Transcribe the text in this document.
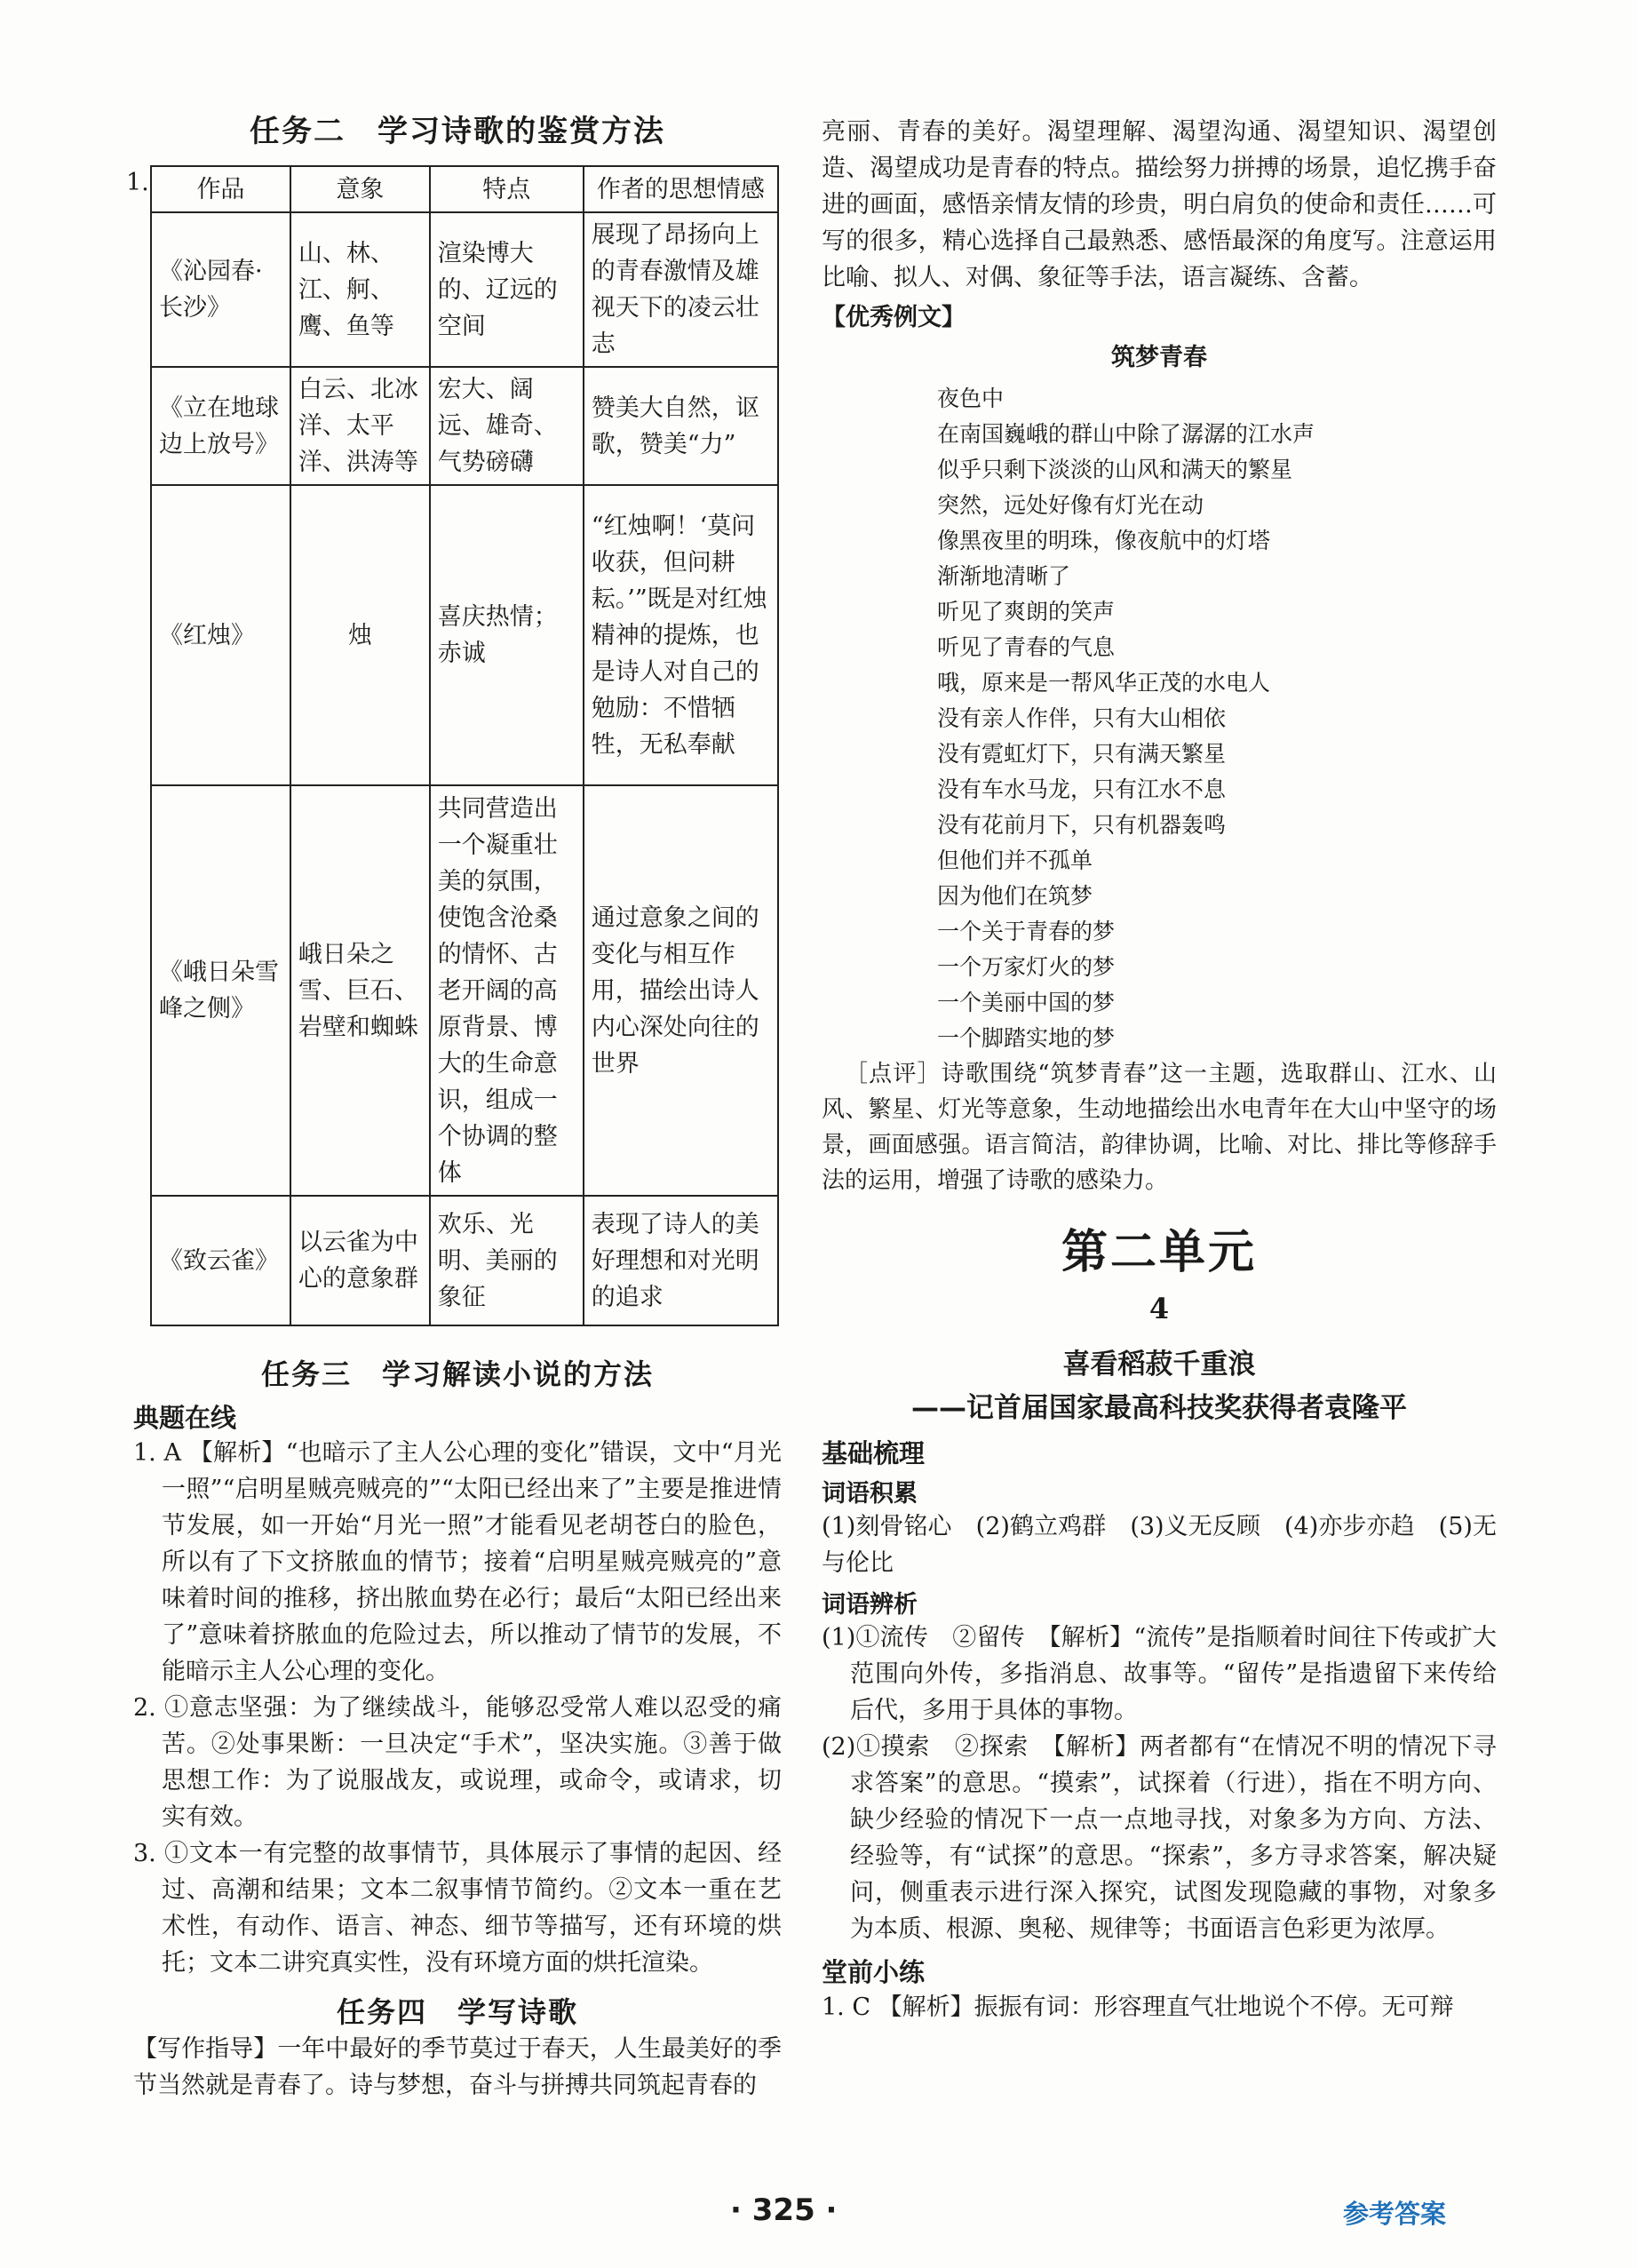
任务二　学习诗歌的鉴赏方法

1. 作品	意象	特点	作者的思想情感
《沁园春·长沙》	山、林、江、舸、鹰、鱼等	渲染博大的、辽远的空间	展现了昂扬向上的青春激情及雄视天下的凌云壮志
《立在地球边上放号》	白云、北冰洋、太平洋、洪涛等	宏大、阔远、雄奇、气势磅礴	赞美大自然，讴歌，赞美“力”
《红烛》	烛	喜庆热情；赤诚	“红烛啊！‘莫问收获，但问耕耘。’”既是对红烛精神的提炼，也是诗人对自己的勉励：不惜牺牲，无私奉献
《峨日朵雪峰之侧》	峨日朵之雪、巨石、岩壁和蜘蛛	共同营造出一个凝重壮美的氛围，使饱含沧桑的情怀、古老开阔的高原背景、博大的生命意识，组成一个协调的整体	通过意象之间的变化与相互作用，描绘出诗人内心深处向往的世界
《致云雀》	以云雀为中心的意象群	欢乐、光明、美丽的象征	表现了诗人的美好理想和对光明的追求

任务三　学习解读小说的方法

典题在线

1. A 【解析】“也暗示了主人公心理的变化”错误，文中“月光一照”“启明星贼亮贼亮的”“太阳已经出来了”主要是推进情节发展，如一开始“月光一照”才能看见老胡苍白的脸色，所以有了下文挤脓血的情节；接着“启明星贼亮贼亮的”意味着时间的推移，挤出脓血势在必行；最后“太阳已经出来了”意味着挤脓血的危险过去，所以推动了情节的发展，不能暗示主人公心理的变化。

2. ①意志坚强：为了继续战斗，能够忍受常人难以忍受的痛苦。②处事果断：一旦决定“手术”，坚决实施。③善于做思想工作：为了说服战友，或说理，或命令，或请求，切实有效。

3. ①文本一有完整的故事情节，具体展示了事情的起因、经过、高潮和结果；文本二叙事情节简约。②文本一重在艺术性，有动作、语言、神态、细节等描写，还有环境的烘托；文本二讲究真实性，没有环境方面的烘托渲染。

任务四　学写诗歌

【写作指导】一年中最好的季节莫过于春天，人生最美好的季节当然就是青春了。诗与梦想，奋斗与拼搏共同筑起青春的

亮丽、青春的美好。渴望理解、渴望沟通、渴望知识、渴望创造、渴望成功是青春的特点。描绘努力拼搏的场景，追忆携手奋进的画面，感悟亲情友情的珍贵，明白肩负的使命和责任……可写的很多，精心选择自己最熟悉、感悟最深的角度写。注意运用比喻、拟人、对偶、象征等手法，语言凝练、含蓄。

【优秀例文】

筑梦青春

夜色中
在南国巍峨的群山中除了潺潺的江水声
似乎只剩下淡淡的山风和满天的繁星
突然，远处好像有灯光在动
像黑夜里的明珠，像夜航中的灯塔
渐渐地清晰了
听见了爽朗的笑声
听见了青春的气息
哦，原来是一帮风华正茂的水电人
没有亲人作伴，只有大山相依
没有霓虹灯下，只有满天繁星
没有车水马龙，只有江水不息
没有花前月下，只有机器轰鸣
但他们并不孤单
因为他们在筑梦
一个关于青春的梦
一个万家灯火的梦
一个美丽中国的梦
一个脚踏实地的梦

［点评］诗歌围绕“筑梦青春”这一主题，选取群山、江水、山风、繁星、灯光等意象，生动地描绘出水电青年在大山中坚守的场景，画面感强。语言简洁，韵律协调，比喻、对比、排比等修辞手法的运用，增强了诗歌的感染力。

第二单元

4

喜看稻菽千重浪

——记首届国家最高科技奖获得者袁隆平

基础梳理

词语积累

(1)刻骨铭心　(2)鹤立鸡群　(3)义无反顾　(4)亦步亦趋　(5)无与伦比

词语辨析

(1)①流传　②留传　【解析】“流传”是指顺着时间往下传或扩大范围向外传，多指消息、故事等。“留传”是指遗留下来传给后代，多用于具体的事物。

(2)①摸索　②探索　【解析】两者都有“在情况不明的情况下寻求答案”的意思。“摸索”，试探着（行进），指在不明方向、缺少经验的情况下一点一点地寻找，对象多为方向、方法、经验等，有“试探”的意思。“探索”，多方寻求答案，解决疑问，侧重表示进行深入探究，试图发现隐藏的事物，对象多为本质、根源、奥秘、规律等；书面语言色彩更为浓厚。

堂前小练

1. C 【解析】振振有词：形容理直气壮地说个不停。无可辩

· 325 ·	参考答案
